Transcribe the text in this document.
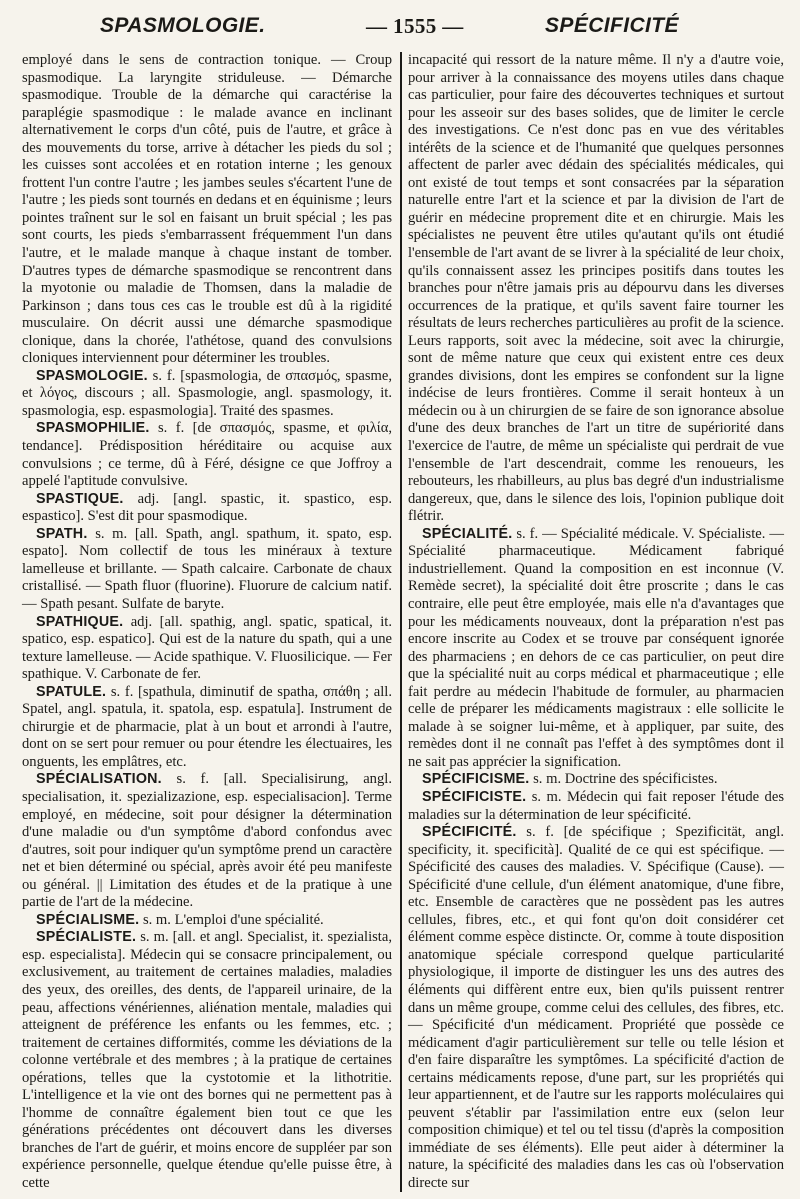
SPASMOLOGIE.	— 1555 —	SPÉCIFICITÉ

employé dans le sens de contraction tonique. — Croup spasmodique. La laryngite striduleuse. — Démarche spasmodique. Trouble de la démarche qui caractérise la paraplégie spasmodique : le malade avance en inclinant alternativement le corps d'un côté, puis de l'autre, et grâce à des mouvements du torse, arrive à détacher les pieds du sol ; les cuisses sont accolées et en rotation interne ; les genoux frottent l'un contre l'autre ; les jambes seules s'écartent l'une de l'autre ; les pieds sont tournés en dedans et en équinisme ; leurs pointes traînent sur le sol en faisant un bruit spécial ; les pas sont courts, les pieds s'embarrassent fréquemment l'un dans l'autre, et le malade manque à chaque instant de tomber. D'autres types de démarche spasmodique se rencontrent dans la myotonie ou maladie de Thomsen, dans la maladie de Parkinson ; dans tous ces cas le trouble est dû à la rigidité musculaire. On décrit aussi une démarche spasmodique clonique, dans la chorée, l'athétose, quand des convulsions cloniques interviennent pour déterminer les troubles.

SPASMOLOGIE. s. f. [spasmologia, de σπασμός, spasme, et λόγος, discours ; all. Spasmologie, angl. spasmology, it. spasmologia, esp. espasmologia]. Traité des spasmes.

SPASMOPHILIE. s. f. [de σπασμός, spasme, et φιλία, tendance]. Prédisposition héréditaire ou acquise aux convulsions ; ce terme, dû à Féré, désigne ce que Joffroy a appelé l'aptitude convulsive.

SPASTIQUE. adj. [angl. spastic, it. spastico, esp. espastico]. S'est dit pour spasmodique.

SPATH. s. m. [all. Spath, angl. spathum, it. spato, esp. espato]. Nom collectif de tous les minéraux à texture lamelleuse et brillante. — Spath calcaire. Carbonate de chaux cristallisé. — Spath fluor (fluorine). Fluorure de calcium natif. — Spath pesant. Sulfate de baryte.

SPATHIQUE. adj. [all. spathig, angl. spatic, spatical, it. spatico, esp. espatico]. Qui est de la nature du spath, qui a une texture lamelleuse. — Acide spathique. V. Fluosilicique. — Fer spathique. V. Carbonate de fer.

SPATULE. s. f. [spathula, diminutif de spatha, σπάθη ; all. Spatel, angl. spatula, it. spatola, esp. espatula]. Instrument de chirurgie et de pharmacie, plat à un bout et arrondi à l'autre, dont on se sert pour remuer ou pour étendre les électuaires, les onguents, les emplâtres, etc.

SPÉCIALISATION. s. f. [all. Specialisirung, angl. specialisation, it. spezializazione, esp. especialisacion]. Terme employé, en médecine, soit pour désigner la détermination d'une maladie ou d'un symptôme d'abord confondus avec d'autres, soit pour indiquer qu'un symptôme prend un caractère net et bien déterminé ou spécial, après avoir été peu manifeste ou général. || Limitation des études et de la pratique à une partie de l'art de la médecine.

SPÉCIALISME. s. m. L'emploi d'une spécialité.

SPÉCIALISTE. s. m. [all. et angl. Specialist, it. spezialista, esp. especialista]. Médecin qui se consacre principalement, ou exclusivement, au traitement de certaines maladies, maladies des yeux, des oreilles, des dents, de l'appareil urinaire, de la peau, affections vénériennes, aliénation mentale, maladies qui atteignent de préférence les enfants ou les femmes, etc. ; traitement de certaines difformités, comme les déviations de la colonne vertébrale et des membres ; à la pratique de certaines opérations, telles que la cystotomie et la lithotritie. L'intelligence et la vie ont des bornes qui ne permettent pas à l'homme de connaître également bien tout ce que les générations précédentes ont découvert dans les diverses branches de l'art de guérir, et moins encore de suppléer par son expérience personnelle, quelque étendue qu'elle puisse être, à cette

incapacité qui ressort de la nature même. Il n'y a d'autre voie, pour arriver à la connaissance des moyens utiles dans chaque cas particulier, pour faire des découvertes techniques et surtout pour les asseoir sur des bases solides, que de limiter le cercle des investigations. Ce n'est donc pas en vue des véritables intérêts de la science et de l'humanité que quelques personnes affectent de parler avec dédain des spécialités médicales, qui ont existé de tout temps et sont consacrées par la séparation naturelle entre l'art et la science et par la division de l'art de guérir en médecine proprement dite et en chirurgie. Mais les spécialistes ne peuvent être utiles qu'autant qu'ils ont étudié l'ensemble de l'art avant de se livrer à la spécialité de leur choix, qu'ils connaissent assez les principes positifs dans toutes les branches pour n'être jamais pris au dépourvu dans les diverses occurrences de la pratique, et qu'ils savent faire tourner les résultats de leurs recherches particulières au profit de la science. Leurs rapports, soit avec la médecine, soit avec la chirurgie, sont de même nature que ceux qui existent entre ces deux grandes divisions, dont les empires se confondent sur la ligne indécise de leurs frontières. Comme il serait honteux à un médecin ou à un chirurgien de se faire de son ignorance absolue d'une des deux branches de l'art un titre de supériorité dans l'exercice de l'autre, de même un spécialiste qui perdrait de vue l'ensemble de l'art descendrait, comme les renoueurs, les rebouteurs, les rhabilleurs, au plus bas degré d'un industrialisme dangereux, que, dans le silence des lois, l'opinion publique doit flétrir.

SPÉCIALITÉ. s. f. — Spécialité médicale. V. Spécialiste. — Spécialité pharmaceutique. Médicament fabriqué industriellement. Quand la composition en est inconnue (V. Remède secret), la spécialité doit être proscrite ; dans le cas contraire, elle peut être employée, mais elle n'a d'avantages que pour les médicaments nouveaux, dont la préparation n'est pas encore inscrite au Codex et se trouve par conséquent ignorée des pharmaciens ; en dehors de ce cas particulier, on peut dire que la spécialité nuit au corps médical et pharmaceutique ; elle fait perdre au médecin l'habitude de formuler, au pharmacien celle de préparer les médicaments magistraux : elle sollicite le malade à se soigner lui-même, et à appliquer, par suite, des remèdes dont il ne connaît pas l'effet à des symptômes dont il ne sait pas apprécier la signification.

SPÉCIFICISME. s. m. Doctrine des spécificistes.

SPÉCIFICISTE. s. m. Médecin qui fait reposer l'étude des maladies sur la détermination de leur spécificité.

SPÉCIFICITÉ. s. f. [de spécifique ; Spezificität, angl. specificity, it. specificità]. Qualité de ce qui est spécifique. — Spécificité des causes des maladies. V. Spécifique (Cause). — Spécificité d'une cellule, d'un élément anatomique, d'une fibre, etc. Ensemble de caractères que ne possèdent pas les autres cellules, fibres, etc., et qui font qu'on doit considérer cet élément comme espèce distincte. Or, comme à toute disposition anatomique spéciale correspond quelque particularité physiologique, il importe de distinguer les uns des autres des éléments qui diffèrent entre eux, bien qu'ils puissent rentrer dans un même groupe, comme celui des cellules, des fibres, etc. — Spécificité d'un médicament. Propriété que possède ce médicament d'agir particulièrement sur telle ou telle lésion et d'en faire disparaître les symptômes. La spécificité d'action de certains médicaments repose, d'une part, sur les propriétés qui leur appartiennent, et de l'autre sur les rapports moléculaires qui peuvent s'établir par l'assimilation entre eux (selon leur composition chimique) et tel ou tel tissu (d'après la composition immédiate de ses éléments). Elle peut aider à déterminer la nature, la spécificité des maladies dans les cas où l'observation directe sur
